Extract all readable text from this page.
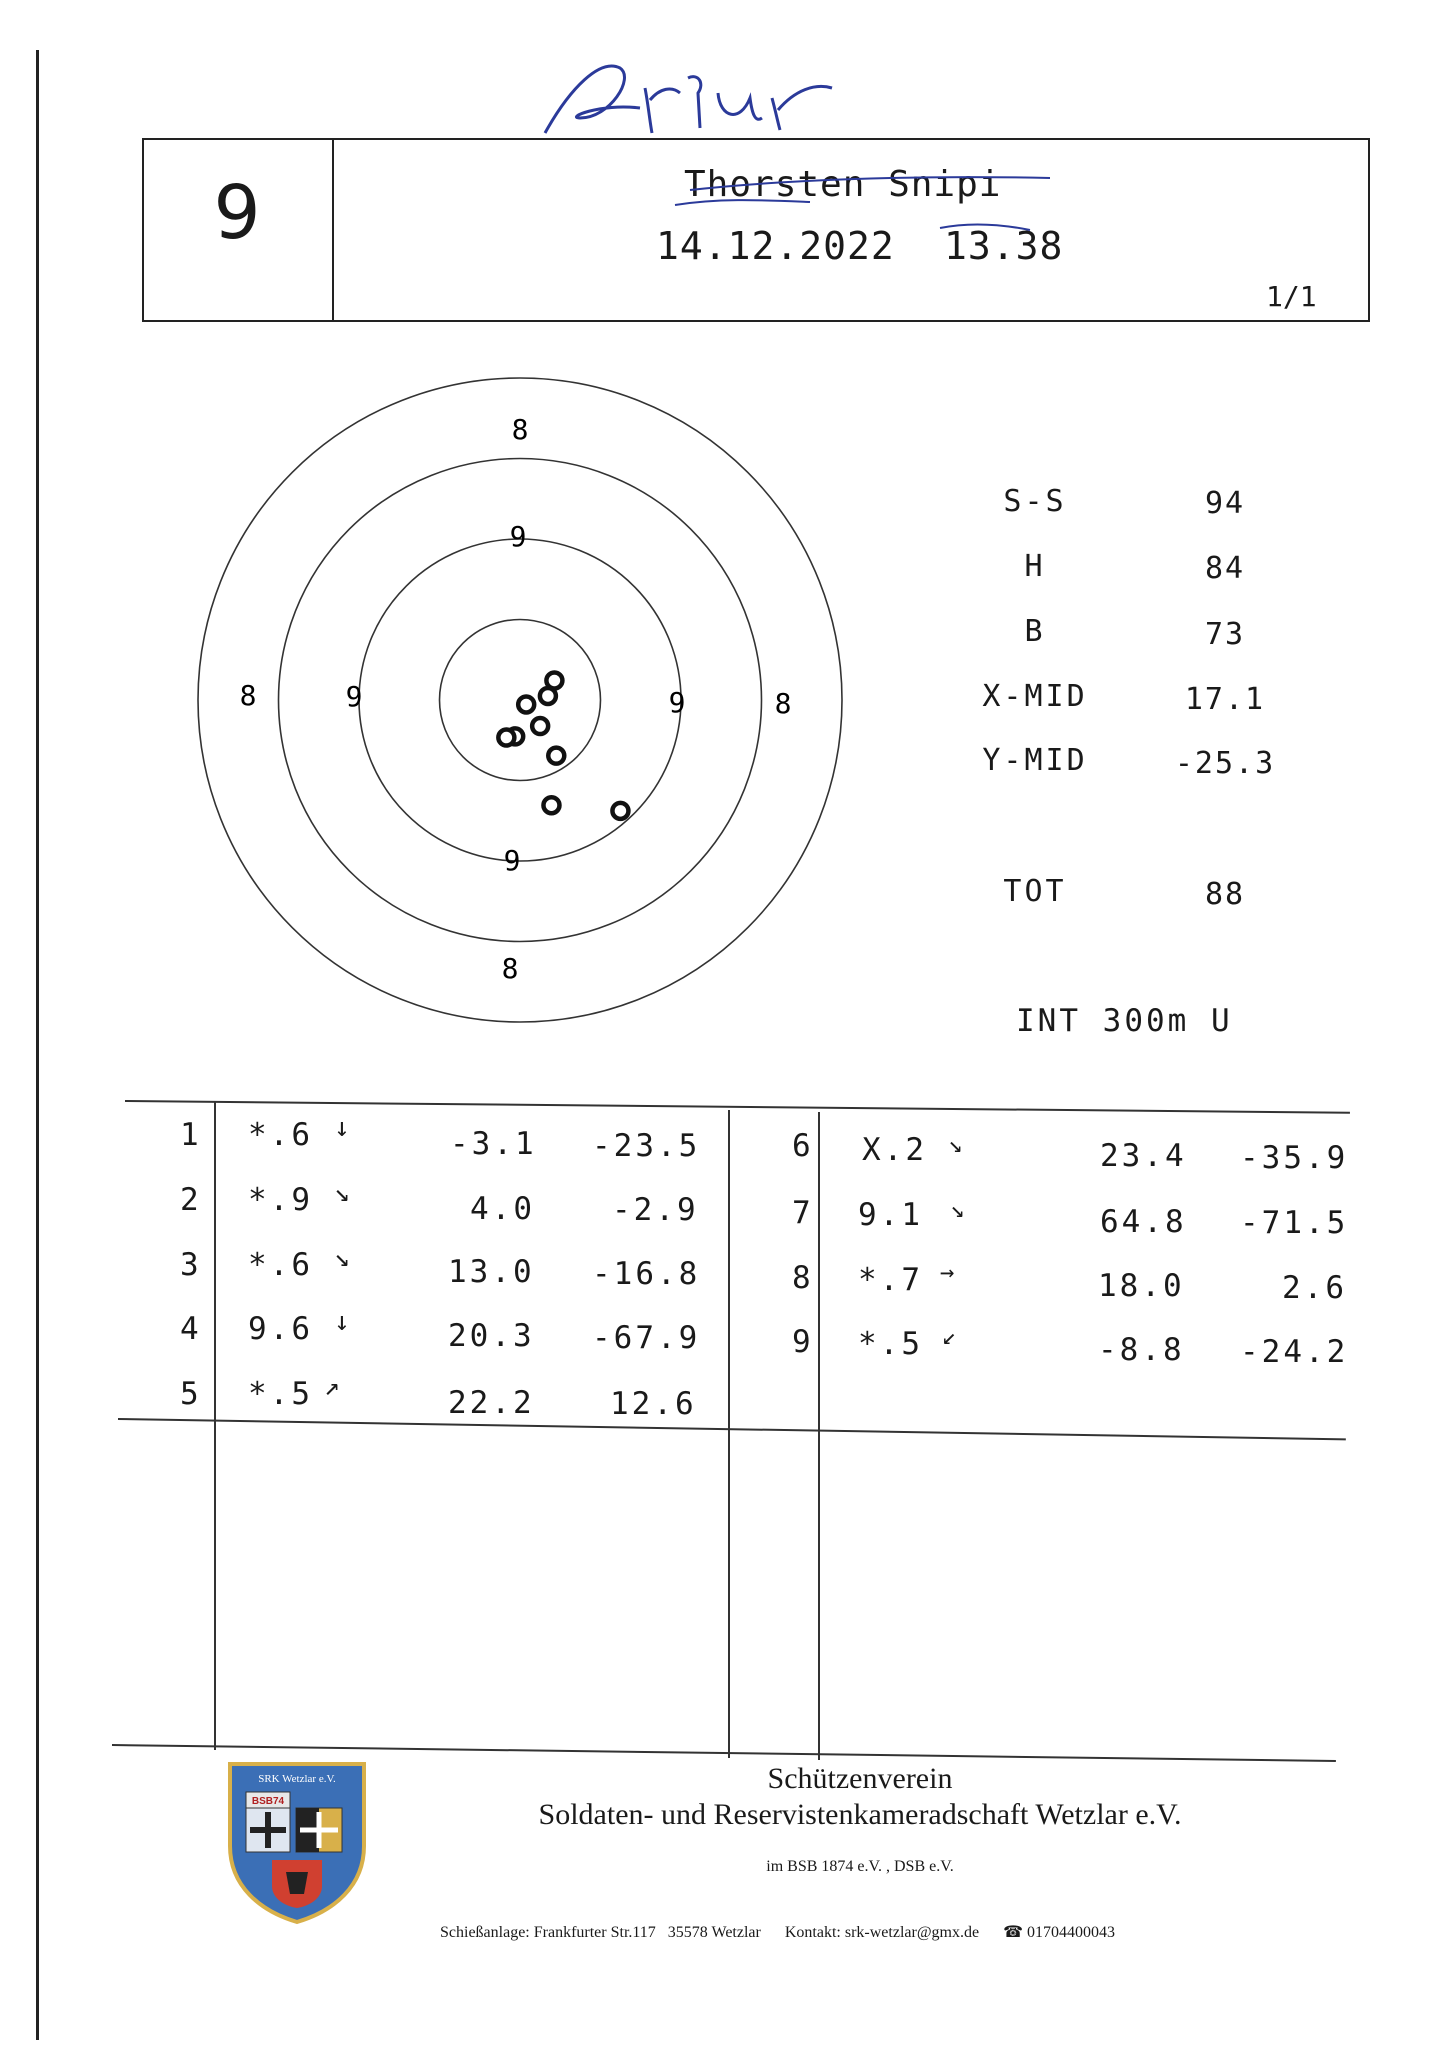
9	Thorsten Snipi
14.12.2022 13.38
1/1
8
8	8
8
9
9	9
9
S-S	94
H	84
B	73
X-MID	17.1
Y-MID	-25.3
TOT	88
INT 300m U
1 *.6 ↓	-3.1 -23.5
2 *.9 ↘	4.0 -2.9
3 *.6 ↘	13.0 -16.8
4 9.6 ↓	20.3 -67.9
5 *.5 ↗	22.2 12.6
6 X.2 ↘	23.4 -35.9
7 9.1 ↘	64.8 -71.5
8 *.7 →	18.0	2.6
9 *.5 ↙	-8.8 -24.2
SRK Wetzlar e.V.
BSB74
Schützenverein
Soldaten- und Reservistenkameradschaft Wetzlar e.V.
im BSB 1874 e.V. , DSB e.V.
Schießanlage: Frankfurter Str.117   35578 Wetzlar Kontakt: srk-wetzlar@gmx.de ☎ 01704400043
